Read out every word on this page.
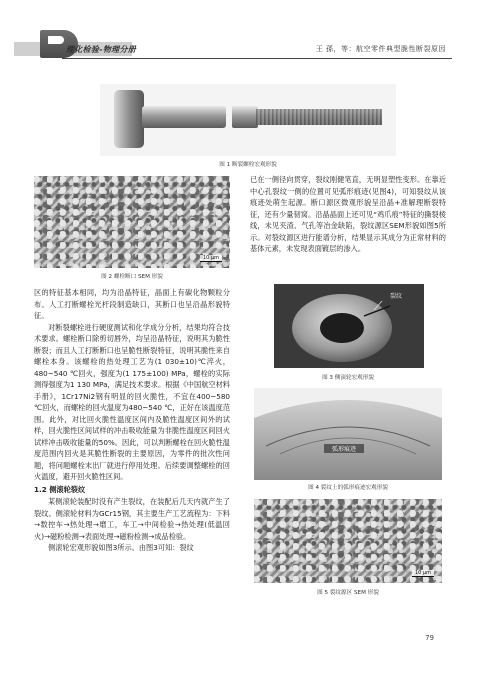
理化检验-物理分册	王 孫，等：航空零件典型脆性断裂原因
图 1 断裂螺栓宏观形貌
10 μm
图 2 螺栓断口 SEM 形貌

区的特征基本相同，均为沿晶特征，晶面上有碳化物颗粒分布。人工打断螺栓光杆段制造缺口，其断口也呈沿晶形貌特征。

对断裂螺栓进行硬度测试和化学成分分析，结果均符合技术要求。螺栓断口除剪切唇外，均呈沿晶特征，说明其为脆性断裂；而且人工打断断口也呈脆性断裂特征，说明其脆性来自螺栓本身。该螺栓的热处理工艺为(1 030±10)℃淬火，480~540 ℃回火，强度为(1 175±100) MPa，螺栓的实际测得强度为1 130 MPa，满足技术要求。根据《中国航空材料手册》，1Cr17Ni2钢有明显的回火脆性，不宜在400~580 ℃回火，而螺栓的回火温度为480~540 ℃，正好在该温度范围。此外，对比回火脆性温度区间内及脆性温度区间外的试样，回火脆性区间试样的冲击吸收能量为非脆性温度区间回火试样冲击吸收能量的50%。因此，可以判断螺栓在回火脆性温度范围内回火是其脆性断裂的主要原因，为零件的批次性问题，将问题螺栓末出厂就进行停用处理。后续要调整螺栓的回火温度，避开回火脆性区间。

1.2 侧滚轮裂纹

某侧滚轮装配时没有产生裂纹，在装配后几天内就产生了裂纹。侧滚轮材料为GCr15钢，其主要生产工艺流程为：下料→数控车→热处理→磨工，车工→中间检验→热处理(低温回火)→磁粉检测→表面处理→磁粉检测→成品检验。

侧滚轮宏观形貌如图3所示。由图3可知：裂纹

已在一侧径向贯穿，裂纹刚健笔直，无明显塑性变形。在靠近中心孔裂纹一侧的位置可见弧形痕迹(见图4)，可知裂纹从该痕迹处萌生起源。断口源区微观形貌呈沿晶+准解理断裂特征，还有少量韧窝。沿晶晶面上还可见“鸡爪痕”特征的撕裂棱线，未见夹渣、气孔等冶金缺陷，裂纹源区SEM形貌如图5所示。对裂纹源区进行能谱分析，结果显示其成分为正常材料的基体元素，未发现表面镀层的渗入。

裂纹
图 3 侧滚轮宏观形貌
弧形痕迹
图 4 裂纹上的弧形痕迹宏观形貌
10 μm
图 5 裂纹源区 SEM 形貌
79
